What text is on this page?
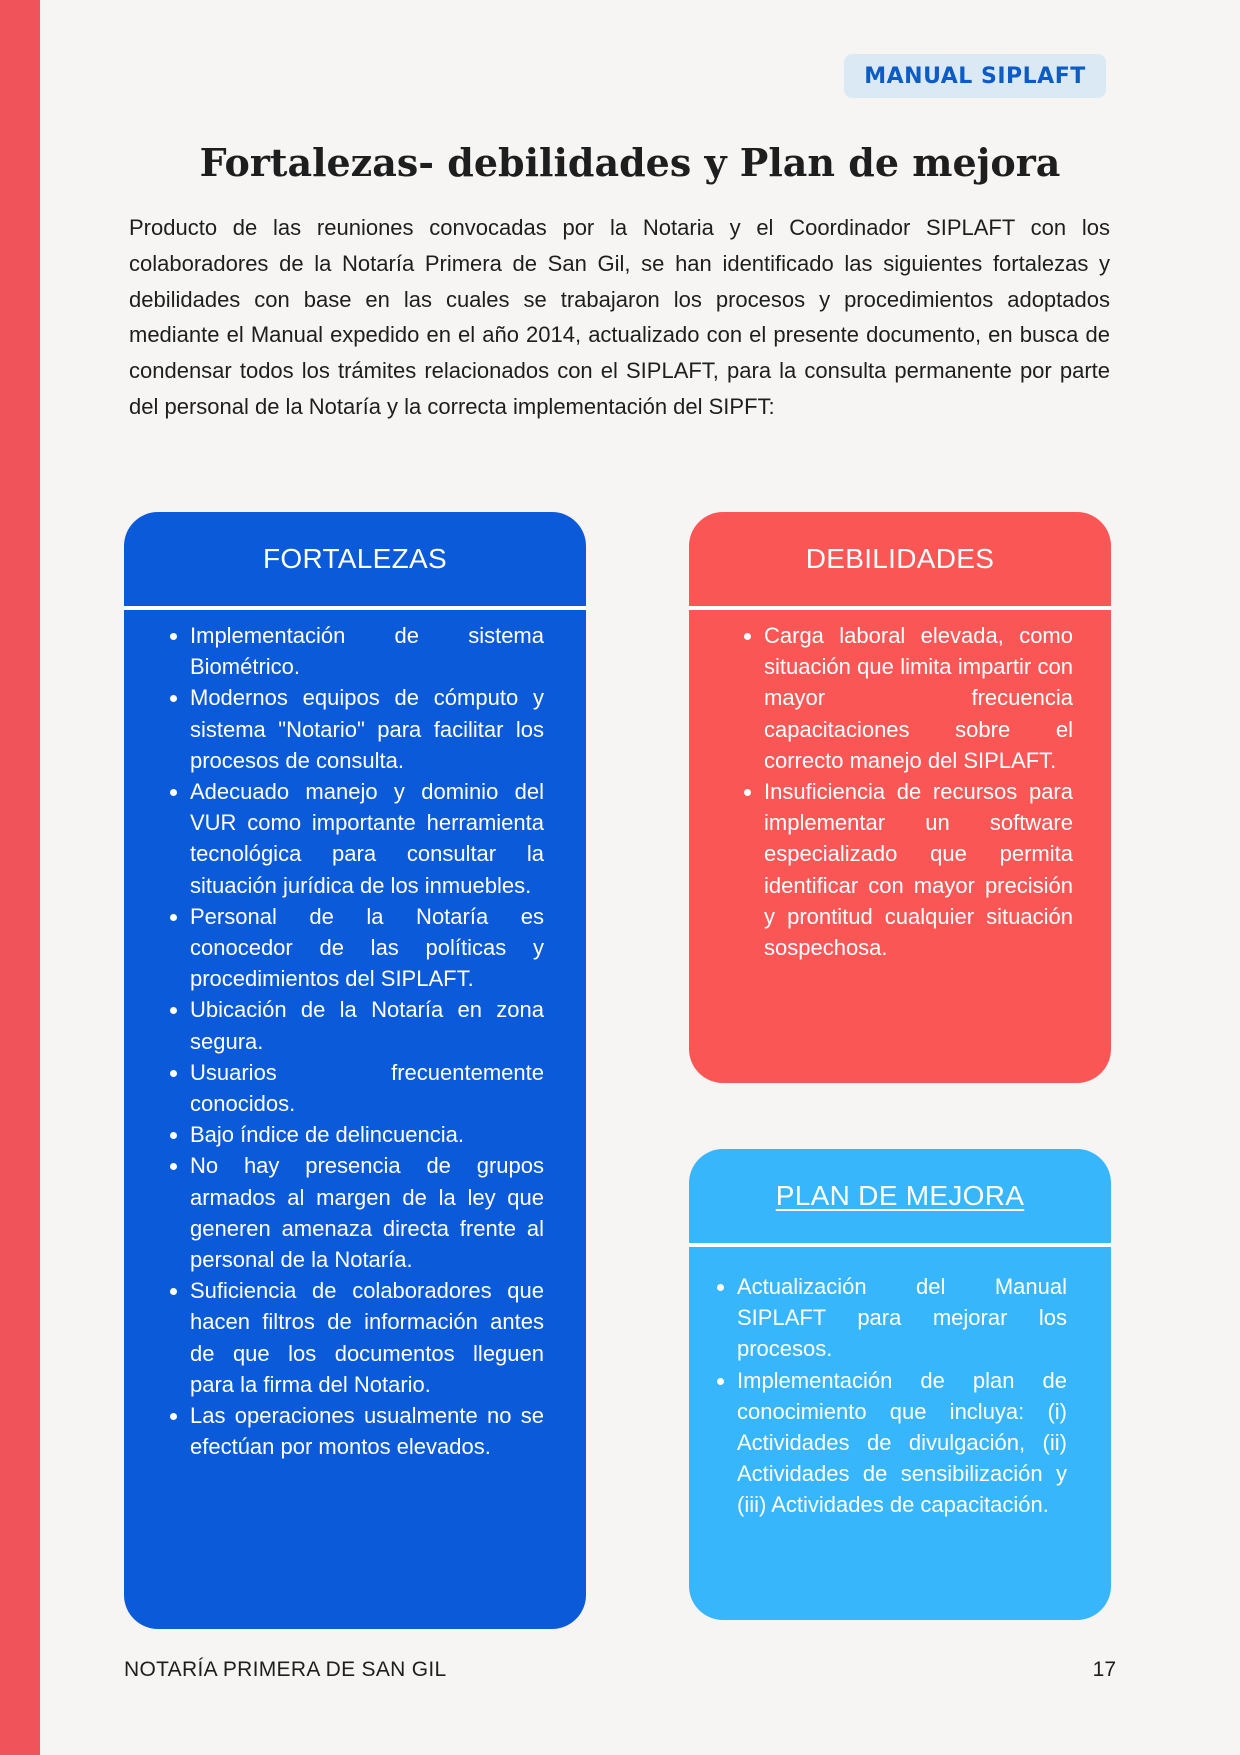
MANUAL SIPLAFT
Fortalezas- debilidades y Plan de mejora

Producto de las reuniones convocadas por la Notaria y el Coordinador SIPLAFT con los colaboradores de la Notaría Primera de San Gil, se han identificado las siguientes fortalezas y debilidades con base en las cuales se trabajaron los procesos y procedimientos adoptados mediante el Manual expedido en el año 2014, actualizado con el presente documento, en busca de condensar todos los trámites relacionados con el SIPLAFT, para la consulta permanente por parte del personal de la Notaría y la correcta implementación del SIPFT:

FORTALEZAS
• Implementación de sistema Biométrico.
• Modernos equipos de cómputo y sistema "Notario" para facilitar los procesos de consulta.
• Adecuado manejo y dominio del VUR como importante herramienta tecnológica para consultar la situación jurídica de los inmuebles.
• Personal de la Notaría es conocedor de las políticas y procedimientos del SIPLAFT.
• Ubicación de la Notaría en zona segura.
• Usuarios frecuentemente conocidos.
• Bajo índice de delincuencia.
• No hay presencia de grupos armados al margen de la ley que generen amenaza directa frente al personal de la Notaría.
• Suficiencia de colaboradores que hacen filtros de información antes de que los documentos lleguen para la firma del Notario.
• Las operaciones usualmente no se efectúan por montos elevados.
DEBILIDADES
• Carga laboral elevada, como situación que limita impartir con mayor frecuencia capacitaciones sobre el correcto manejo del SIPLAFT.
• Insuficiencia de recursos para implementar un software especializado que permita identificar con mayor precisión y prontitud cualquier situación sospechosa.
PLAN DE MEJORA
• Actualización del Manual SIPLAFT para mejorar los procesos.
• Implementación de plan de conocimiento que incluya: (i) Actividades de divulgación, (ii) Actividades de sensibilización y (iii) Actividades de capacitación.
NOTARÍA PRIMERA DE SAN GIL	17
